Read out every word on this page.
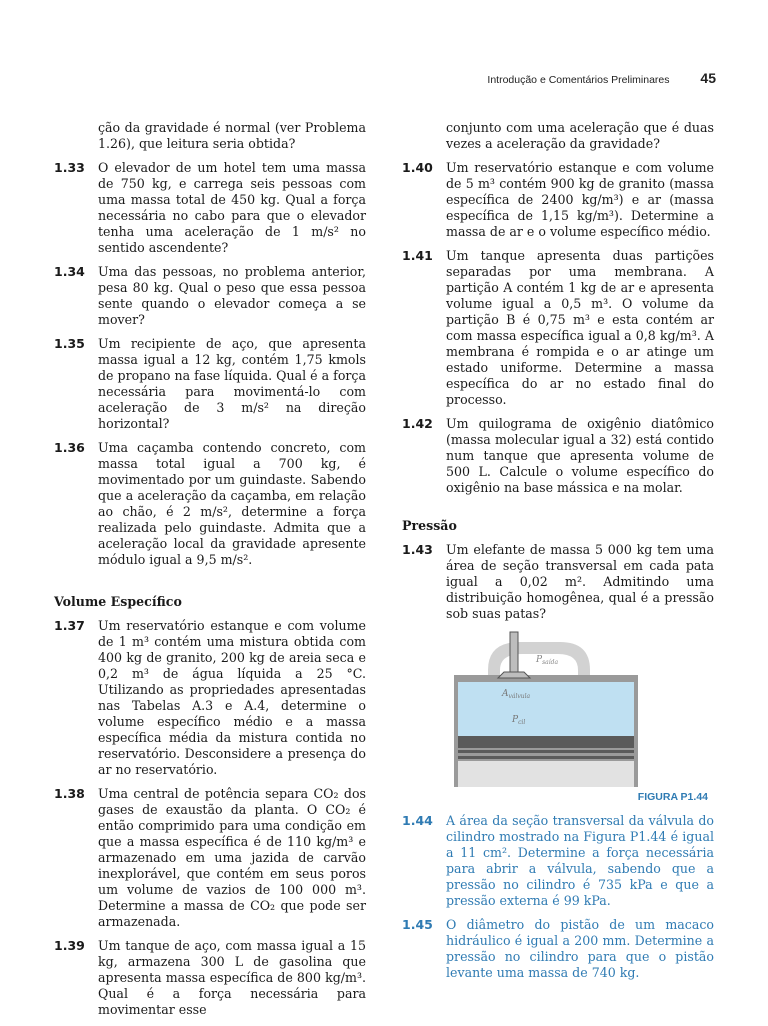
Introdução e Comentários Preliminares 45
ção da gravidade é normal (ver Problema 1.26), que leitura seria obtida?
1.33 O elevador de um hotel tem uma massa de 750 kg, e carrega seis pessoas com uma massa total de 450 kg. Qual a força necessária no cabo para que o elevador tenha uma aceleração de 1 m/s² no sentido ascendente?
1.34 Uma das pessoas, no problema anterior, pesa 80 kg. Qual o peso que essa pessoa sente quando o elevador começa a se mover?
1.35 Um recipiente de aço, que apresenta massa igual a 12 kg, contém 1,75 kmols de propano na fase líquida. Qual é a força necessária para movimentá-lo com aceleração de 3 m/s² na direção horizontal?
1.36 Uma caçamba contendo concreto, com massa total igual a 700 kg, é movimentado por um guindaste. Sabendo que a aceleração da caçamba, em relação ao chão, é 2 m/s², determine a força realizada pelo guindaste. Admita que a aceleração local da gravidade apresente módulo igual a 9,5 m/s².
Volume Específico
1.37 Um reservatório estanque e com volume de 1 m³ contém uma mistura obtida com 400 kg de granito, 200 kg de areia seca e 0,2 m³ de água líquida a 25 °C. Utilizando as propriedades apresentadas nas Tabelas A.3 e A.4, determine o volume específico médio e a massa específica média da mistura contida no reservatório. Desconsidere a presença do ar no reservatório.
1.38 Uma central de potência separa CO₂ dos gases de exaustão da planta. O CO₂ é então comprimido para uma condição em que a massa específica é de 110 kg/m³ e armazenado em uma jazida de carvão inexplorável, que contém em seus poros um volume de vazios de 100 000 m³. Determine a massa de CO₂ que pode ser armazenada.
1.39 Um tanque de aço, com massa igual a 15 kg, armazena 300 L de gasolina que apresenta massa específica de 800 kg/m³. Qual é a força necessária para movimentar esse
conjunto com uma aceleração que é duas vezes a aceleração da gravidade?
1.40 Um reservatório estanque e com volume de 5 m³ contém 900 kg de granito (massa específica de 2400 kg/m³) e ar (massa específica de 1,15 kg/m³). Determine a massa de ar e o volume específico médio.
1.41 Um tanque apresenta duas partições separadas por uma membrana. A partição A contém 1 kg de ar e apresenta volume igual a 0,5 m³. O volume da partição B é 0,75 m³ e esta contém ar com massa específica igual a 0,8 kg/m³. A membrana é rompida e o ar atinge um estado uniforme. Determine a massa específica do ar no estado final do processo.
1.42 Um quilograma de oxigênio diatômico (massa molecular igual a 32) está contido num tanque que apresenta volume de 500 L. Calcule o volume específico do oxigênio na base mássica e na molar.
Pressão
1.43 Um elefante de massa 5 000 kg tem uma área de seção transversal em cada pata igual a 0,02 m². Admitindo uma distribuição homogênea, qual é a pressão sob suas patas?
$P_{saída}$
$A_{válvula}$
$P_{cil}$
FIGURA P1.44
1.44 A área da seção transversal da válvula do cilindro mostrado na Figura P1.44 é igual a 11 cm². Determine a força necessária para abrir a válvula, sabendo que a pressão no cilindro é 735 kPa e que a pressão externa é 99 kPa.
1.45 O diâmetro do pistão de um macaco hidráulico é igual a 200 mm. Determine a pressão no cilindro para que o pistão levante uma massa de 740 kg.
